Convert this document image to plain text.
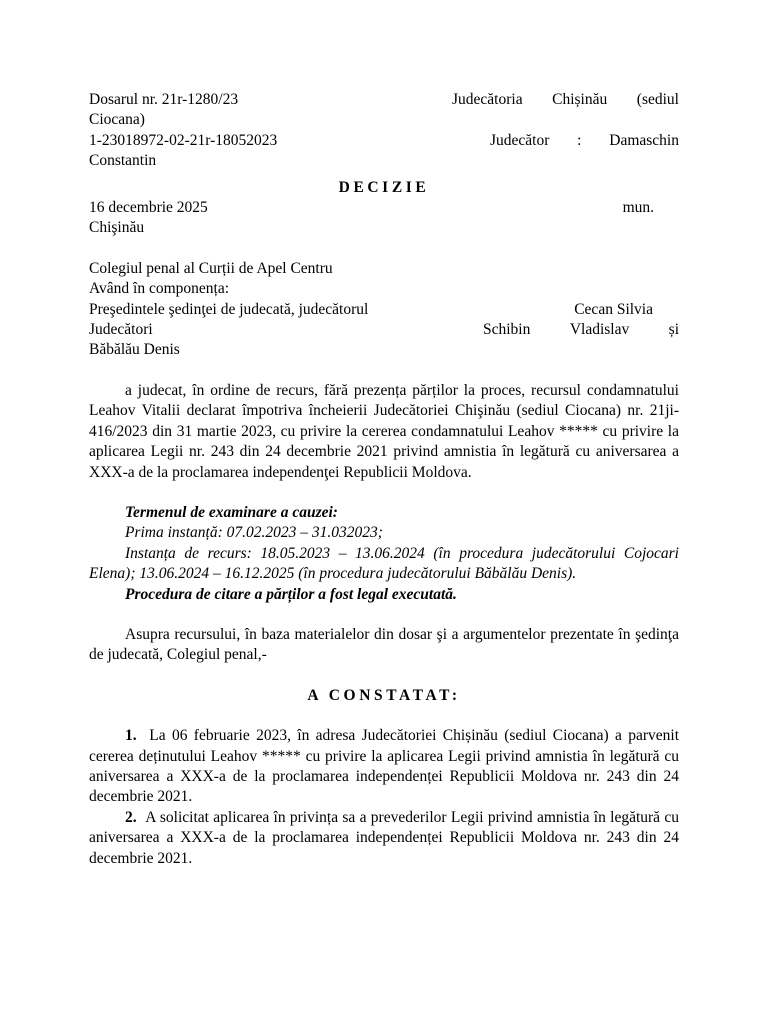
Dosarul nr. 21r-1280/23	Judecătoria Chișinău (sediul
Ciocana)
1-23018972-02-21r-18052023	Judecător : Damaschin
Constantin
DECIZIE
16 decembrie 2025	mun.
Chişinău
Colegiul penal al Curții de Apel Centru
Având în componența:
Preşedintele şedinţei de judecată, judecătorul	Cecan Silvia
Judecători	Schibin	Vladislav	și
Băbălău Denis
a judecat, în ordine de recurs, fără prezența părților la proces, recursul condamnatului Leahov Vitalii declarat împotriva încheierii Judecătoriei Chişinău (sediul Ciocana) nr. 21ji-416/2023 din 31 martie 2023, cu privire la cererea condamnatului Leahov ***** cu privire la aplicarea Legii nr. 243 din 24 decembrie 2021 privind amnistia în legătură cu aniversarea a XXX-a de la proclamarea independenţei Republicii Moldova.
Termenul de examinare a cauzei:
Prima instanță: 07.02.2023 – 31.032023;
Instanța de recurs: 18.05.2023 – 13.06.2024 (în procedura judecătorului Cojocari Elena); 13.06.2024 – 16.12.2025 (în procedura judecătorului Băbălău Denis).
Procedura de citare a părților a fost legal executată.
Asupra recursului, în baza materialelor din dosar şi a argumentelor prezentate în şedinţa de judecată, Colegiul penal,-
A CONSTATAT:
1. La 06 februarie 2023, în adresa Judecătoriei Chișinău (sediul Ciocana) a parvenit cererea deținutului Leahov ***** cu privire la aplicarea Legii privind amnistia în legătură cu aniversarea a XXX-a de la proclamarea independenței Republicii Moldova nr. 243 din 24 decembrie 2021.
2. A solicitat aplicarea în privința sa a prevederilor Legii privind amnistia în legătură cu aniversarea a XXX-a de la proclamarea independenței Republicii Moldova nr. 243 din 24 decembrie 2021.
